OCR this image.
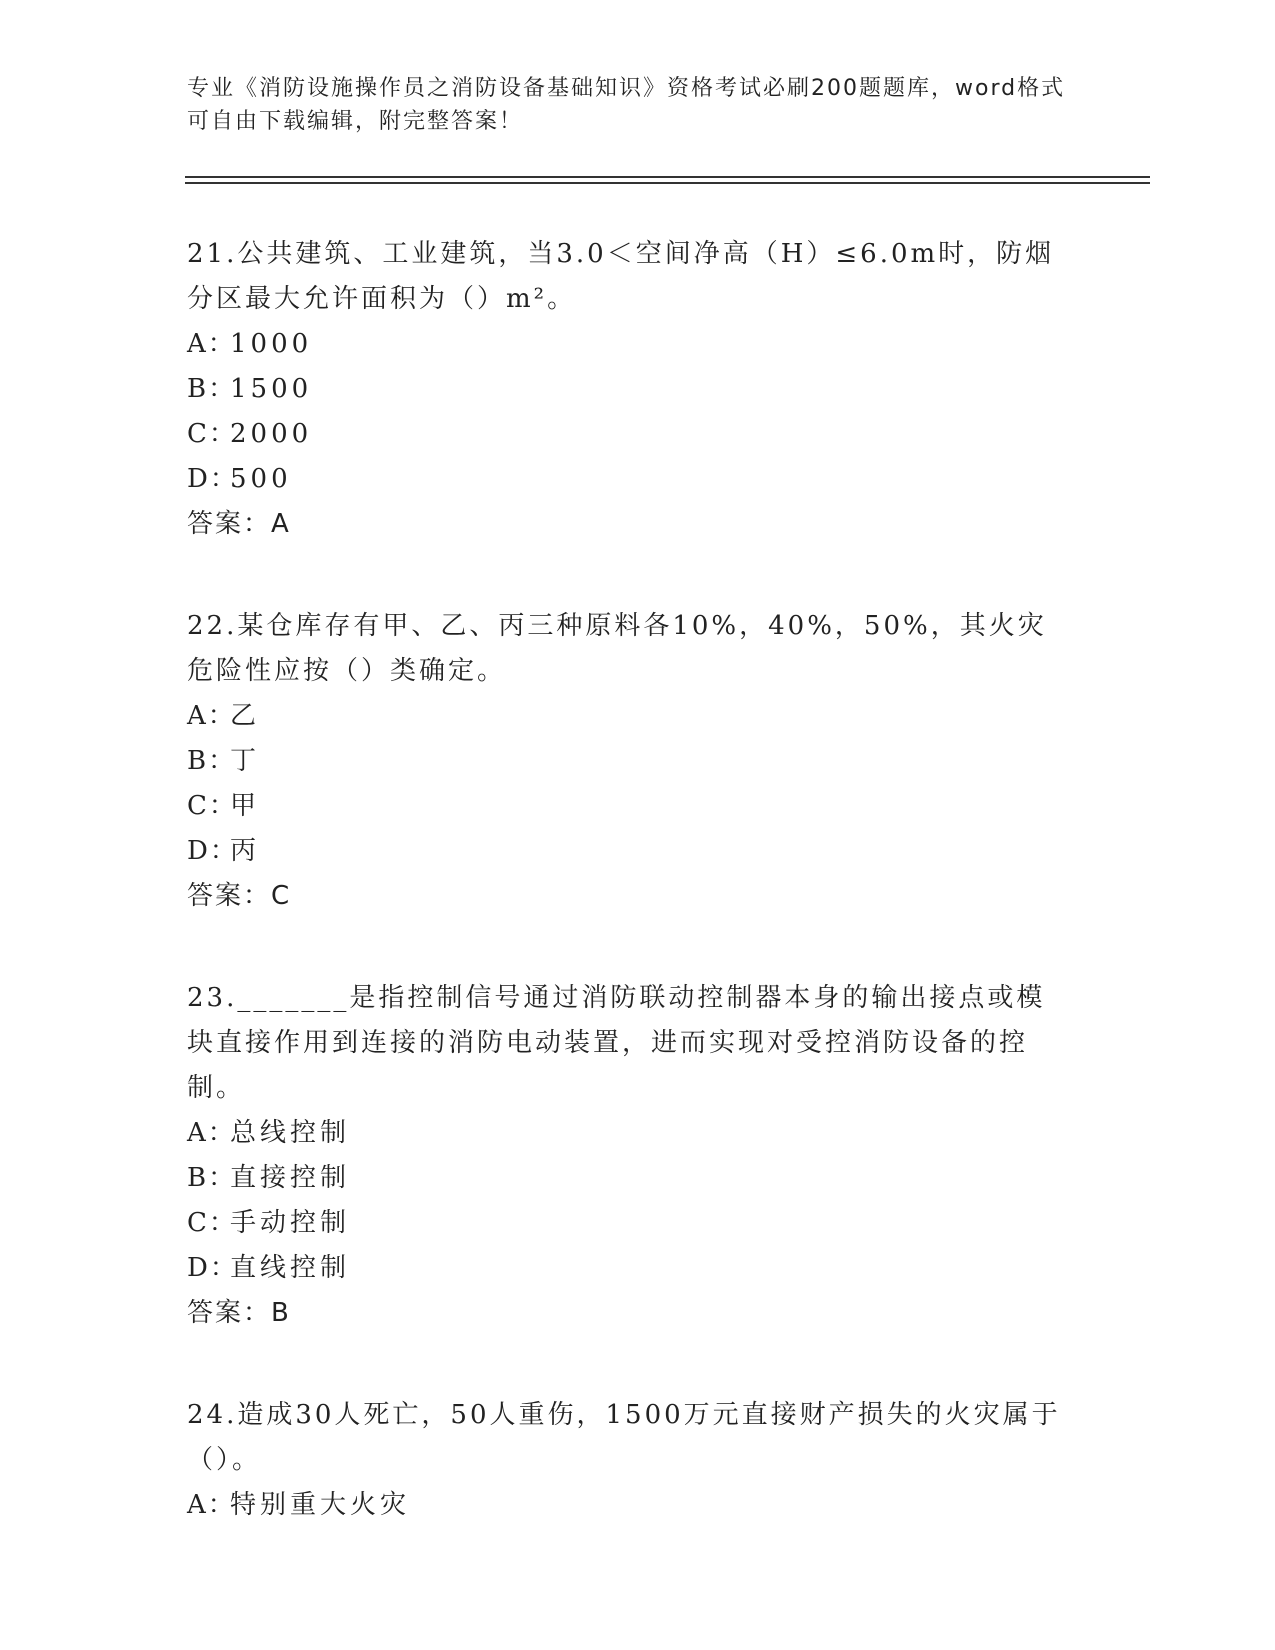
专业《消防设施操作员之消防设备基础知识》资格考试必刷200题题库，word格式可自由下载编辑，附完整答案！

21.公共建筑、工业建筑，当3.0＜空间净高（H）≤6.0m时，防烟分区最大允许面积为（）m²。

A：
1000
B：
1500
C：
2000
D：
500

答案：A

22.某仓库存有甲、乙、丙三种原料各10%，40%，50%，其火灾危险性应按（）类确定。

A：
乙
B：
丁
C：
甲
D：
丙

答案：C

23._______是指控制信号通过消防联动控制器本身的输出接点或模块直接作用到连接的消防电动装置，进而实现对受控消防设备的控制。

A：
总线控制
B：
直接控制
C：
手动控制
D：
直线控制

答案：B

24.造成30人死亡，50人重伤，1500万元直接财产损失的火灾属于（）。

A：
特别重大火灾
